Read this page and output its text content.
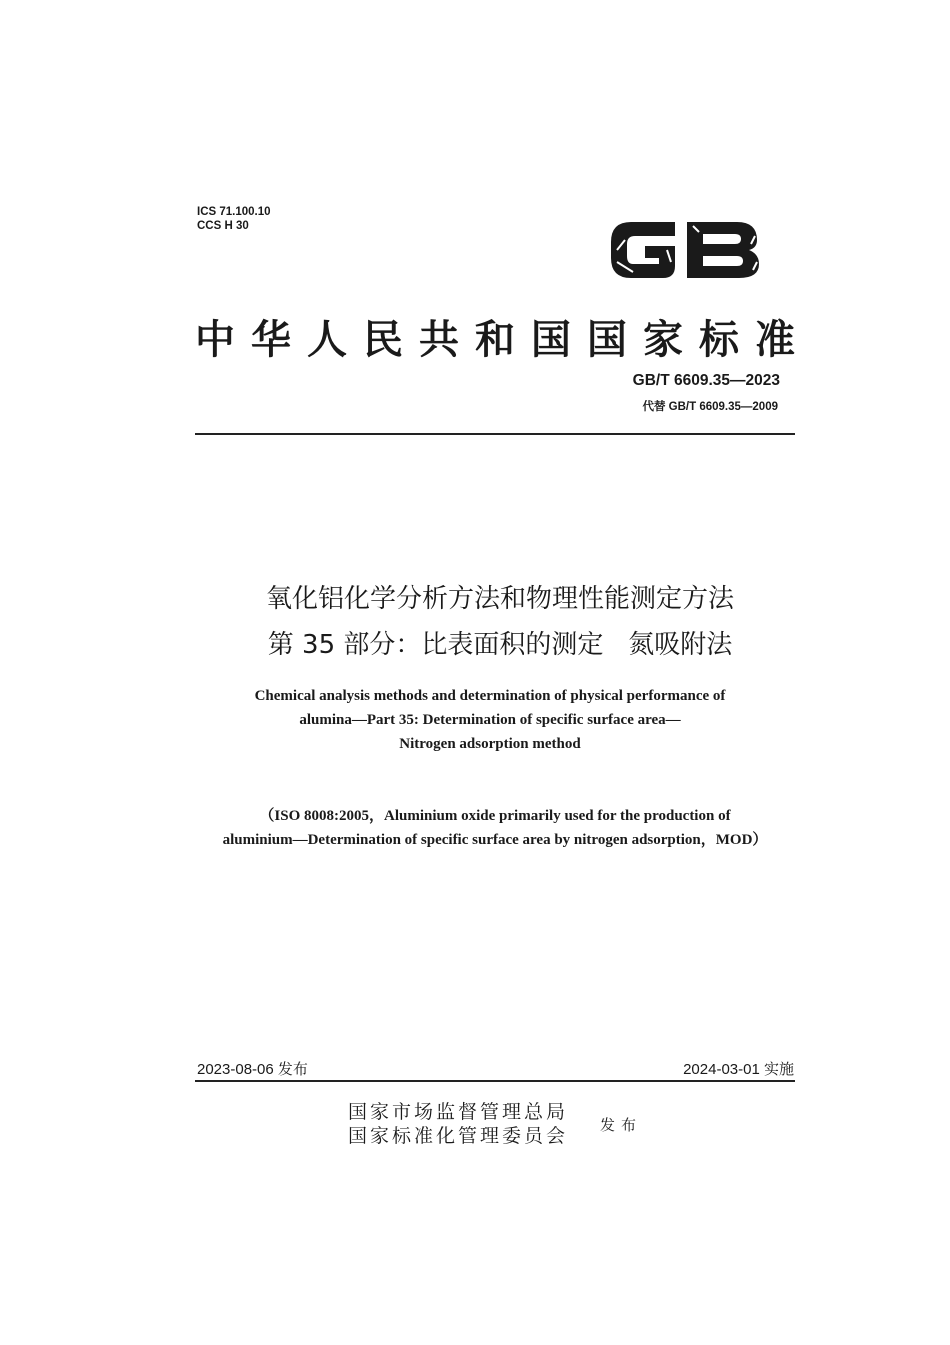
ICS 71.100.10
CCS H 30
中华人民共和国国家标准
GB/T 6609.35—2023
代替 GB/T 6609.35—2009
氧化铝化学分析方法和物理性能测定方法
第 35 部分：比表面积的测定   氮吸附法
Chemical analysis methods and determination of physical performance of
alumina—Part 35: Determination of specific surface area—
Nitrogen adsorption method
（ISO 8008:2005，Aluminium oxide primarily used for the production of
aluminium—Determination of specific surface area by nitrogen adsorption，MOD）
2023-08-06 发布	2024-03-01 实施
国家市场监督管理总局
国家标准化管理委员会 发布
